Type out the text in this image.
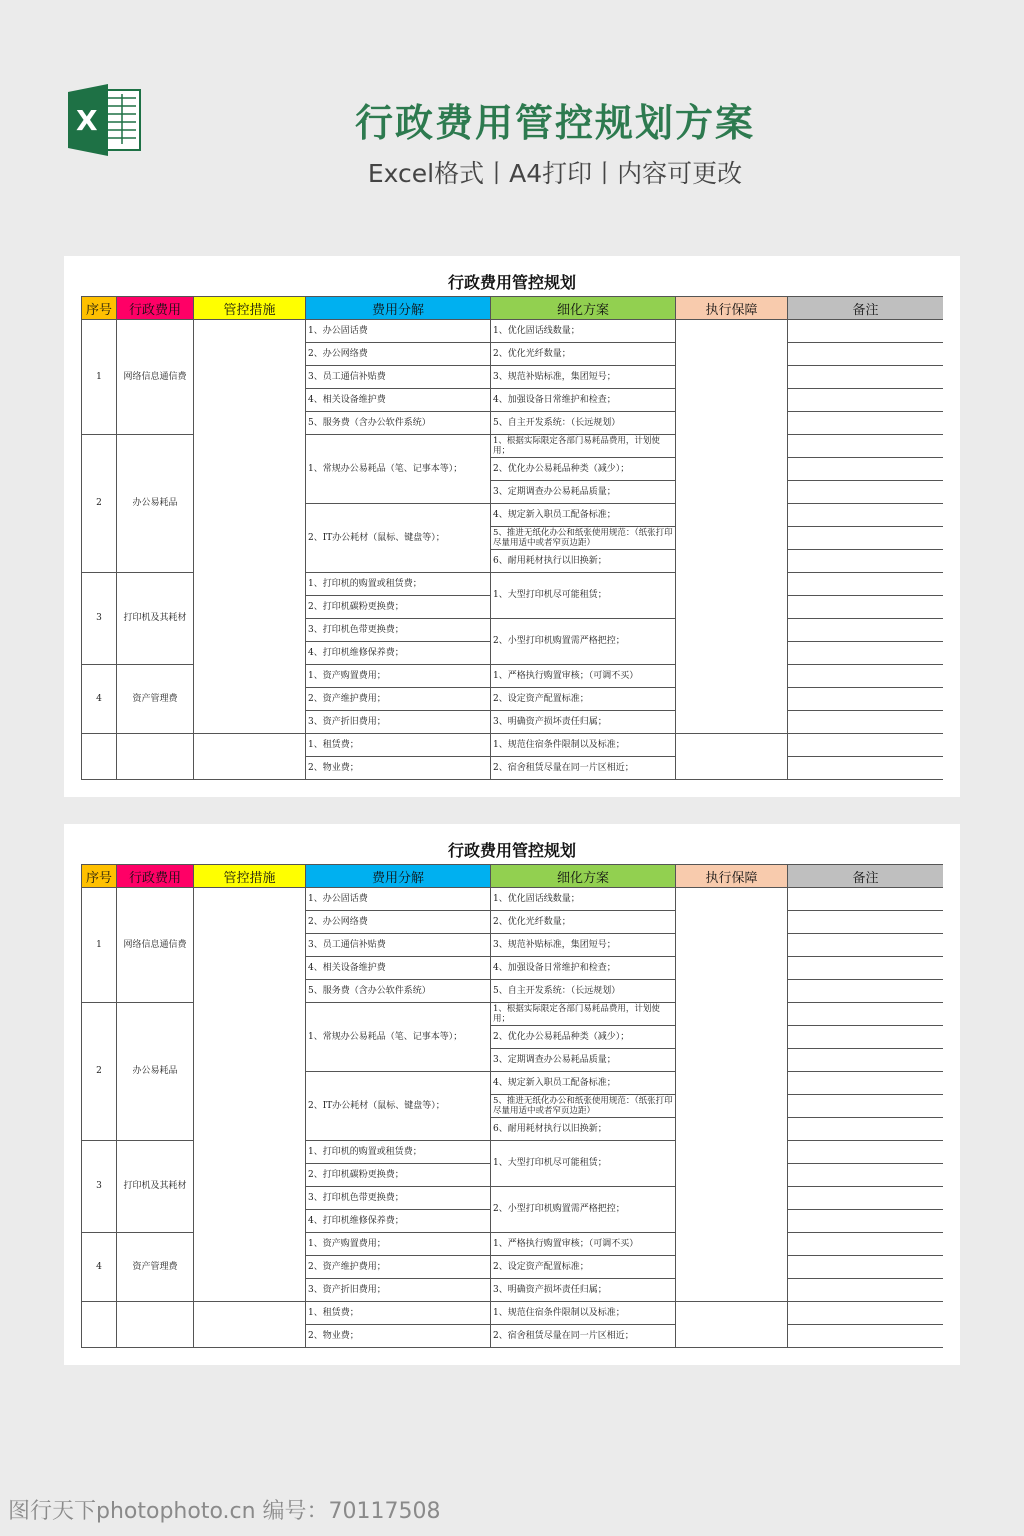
X	行政费用管控规划方案
Excel格式丨A4打印丨内容可更改
行政费用管控规划
序号	行政费用	管控措施	费用分解	细化方案	执行保障	备注
1	网络信息通信费		1、办公固话费	1、优化固话线数量；		
			2、办公网络费	2、优化光纤数量；		
			3、员工通信补贴费	3、规范补贴标准，集团短号；		
			4、相关设备维护费	4、加强设备日常维护和检查；		
			5、服务费（含办公软件系统）	5、自主开发系统：（长远规划）		
2	办公易耗品		1、常规办公易耗品（笔、记事本等）；	1、根据实际限定各部门易耗品费用，计划使用；		

				2、优化办公易耗品种类（减少）；		
				3、定期调查办公易耗品质量；		
			2、IT办公耗材（鼠标、键盘等）；	4、规定新入职员工配备标准；		

				5、推进无纸化办公和纸张使用规范：（纸张打印尽量用适中或者窄页边距）		

				6、耐用耗材执行以旧换新；		
3	打印机及其耗材		1、打印机的购置或租赁费；	1、大型打印机尽可能租赁；		
			2、打印机碳粉更换费；			
			3、打印机色带更换费；	2、小型打印机购置需严格把控；		
			4、打印机维修保养费；			
4	资产管理费		1、资产购置费用；	1、严格执行购置审核；（可调不买）		
			2、资产维护费用；	2、设定资产配置标准；		
			3、资产折旧费用；	3、明确资产损坏责任归属；		
			1、租赁费；	1、规范住宿条件限制以及标准；		
			2、物业费；	2、宿舍租赁尽量在同一片区相近；		
行政费用管控规划
序号	行政费用	管控措施	费用分解	细化方案	执行保障	备注
1	网络信息通信费		1、办公固话费	1、优化固话线数量；		
			2、办公网络费	2、优化光纤数量；		
			3、员工通信补贴费	3、规范补贴标准，集团短号；		
			4、相关设备维护费	4、加强设备日常维护和检查；		
			5、服务费（含办公软件系统）	5、自主开发系统：（长远规划）		
2	办公易耗品		1、常规办公易耗品（笔、记事本等）；	1、根据实际限定各部门易耗品费用，计划使用；		

				2、优化办公易耗品种类（减少）；		
				3、定期调查办公易耗品质量；		
			2、IT办公耗材（鼠标、键盘等）；	4、规定新入职员工配备标准；		

				5、推进无纸化办公和纸张使用规范：（纸张打印尽量用适中或者窄页边距）		

				6、耐用耗材执行以旧换新；		
3	打印机及其耗材		1、打印机的购置或租赁费；	1、大型打印机尽可能租赁；		
			2、打印机碳粉更换费；			
			3、打印机色带更换费；	2、小型打印机购置需严格把控；		
			4、打印机维修保养费；			
4	资产管理费		1、资产购置费用；	1、严格执行购置审核；（可调不买）		
			2、资产维护费用；	2、设定资产配置标准；		
			3、资产折旧费用；	3、明确资产损坏责任归属；		
			1、租赁费；	1、规范住宿条件限制以及标准；		
			2、物业费；	2、宿舍租赁尽量在同一片区相近；		
图行天下photophoto.cn 编号：70117508
